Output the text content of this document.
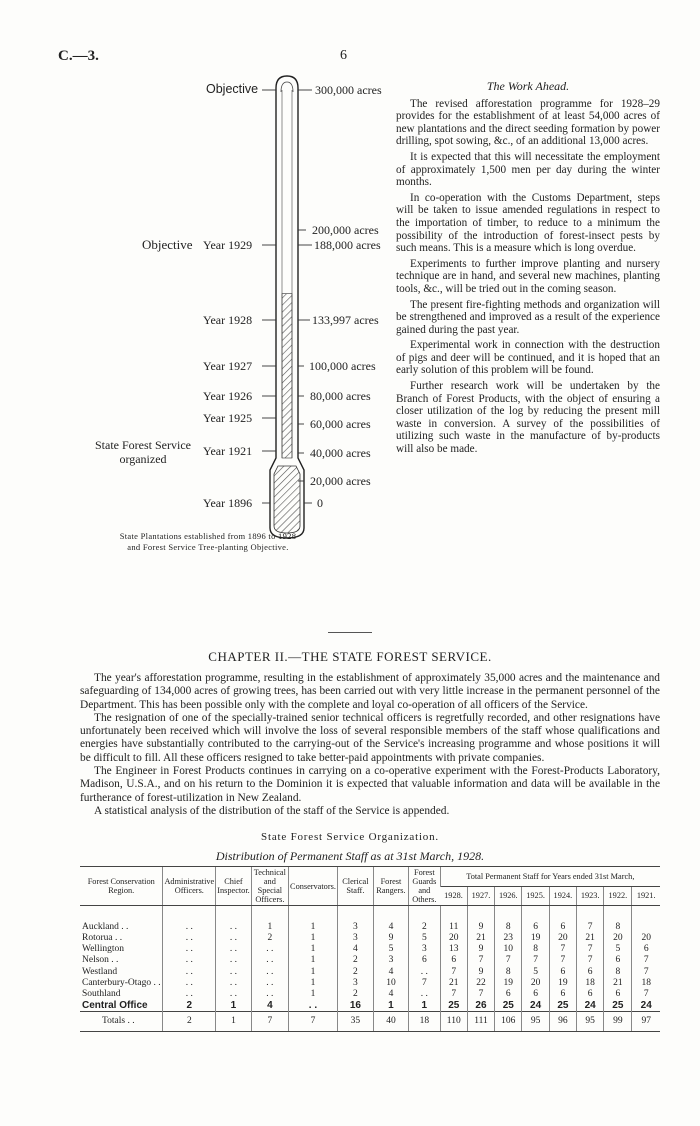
C.—3.	6
Objective
Objective Year 1929
Year 1928
Year 1927
Year 1926
Year 1925
State Forest Service
organized
Year 1921
Year 1896
300,000 acres
200,000 acres
188,000 acres
133,997 acres
100,000 acres
80,000 acres
60,000 acres
40,000 acres
20,000 acres
0
State Plantations established from 1896 to 1928
and Forest Service Tree-planting Objective.
The Work Ahead.

The revised afforestation programme for 1928–29 provides for the establishment of at least 54,000 acres of new plantations and the direct seeding formation by power drilling, spot sowing, &c., of an additional 13,000 acres.

It is expected that this will necessitate the employment of approximately 1,500 men per day during the winter months.

In co-operation with the Customs Department, steps will be taken to issue amended regulations in respect to the importation of timber, to reduce to a minimum the possibility of the introduction of forest-insect pests by such means. This is a measure which is long overdue.

Experiments to further improve planting and nursery technique are in hand, and several new machines, planting tools, &c., will be tried out in the coming season.

The present fire-fighting methods and organization will be strengthened and improved as a result of the experience gained during the past year.

Experimental work in connection with the destruction of pigs and deer will be continued, and it is hoped that an early solution of this problem will be found.

Further research work will be undertaken by the Branch of Forest Products, with the object of ensuring a closer utilization of the log by reducing the present mill waste in conversion. A survey of the possibilities of utilizing such waste in the manufacture of by-products will also be made.

CHAPTER II.—THE STATE FOREST SERVICE.

The year's afforestation programme, resulting in the establishment of approximately 35,000 acres and the maintenance and safeguarding of 134,000 acres of growing trees, has been carried out with very little increase in the permanent personnel of the Department. This has been possible only with the complete and loyal co-operation of all officers of the Service.

The resignation of one of the specially-trained senior technical officers is regretfully recorded, and other resignations have unfortunately been received which will involve the loss of several responsible members of the staff whose qualifications and energies have substantially contributed to the carrying-out of the Service's increasing programme and whose positions it will be difficult to fill. All these officers resigned to take better-paid appointments with private companies.

The Engineer in Forest Products continues in carrying on a co-operative experiment with the Forest-Products Laboratory, Madison, U.S.A., and on his return to the Dominion it is expected that valuable information and data will be available in the furtherance of forest-utilization in New Zealand.

A statistical analysis of the distribution of the staff of the Service is appended.

State Forest Service Organization.
Distribution of Permanent Staff as at 31st March, 1928.
Forest Conservation Region.	Administrative Officers.	Chief Inspector.	Technical and Special Officers.	Conservators.	Clerical Staff.	Forest Rangers.	Forest Guards and Others.	Total Permanent Staff for Years ended 31st March,							
								1928.	1927.	1926.	1925.	1924.	1923.	1922.	1921.
Auckland . .	. .	. .	1	1	3	4	2	11	9	8	6	6	7	8	
Rotorua . .	. .	. .	2	1	3	9	5	20	21	23	19	20	21	20	20
Wellington	. .	. .	. .	1	4	5	3	13	9	10	8	7	7	5	6
Nelson . .	. .	. .	. .	1	2	3	6	6	7	7	7	7	7	6	7
Westland	. .	. .	. .	1	2	4	. .	7	9	8	5	6	6	8	7
Canterbury-Otago . .	. .	. .	. .	1	3	10	7	21	22	19	20	19	18	21	18
Southland	. .	. .	. .	1	2	4	. .	7	7	6	6	6	6	6	7
Central Office	2	1	4	. .	16	1	1	25	26	25	24	25	24	25	24
Totals . .	2	1	7	7	35	40	18	110	111	106	95	96	95	99	97
